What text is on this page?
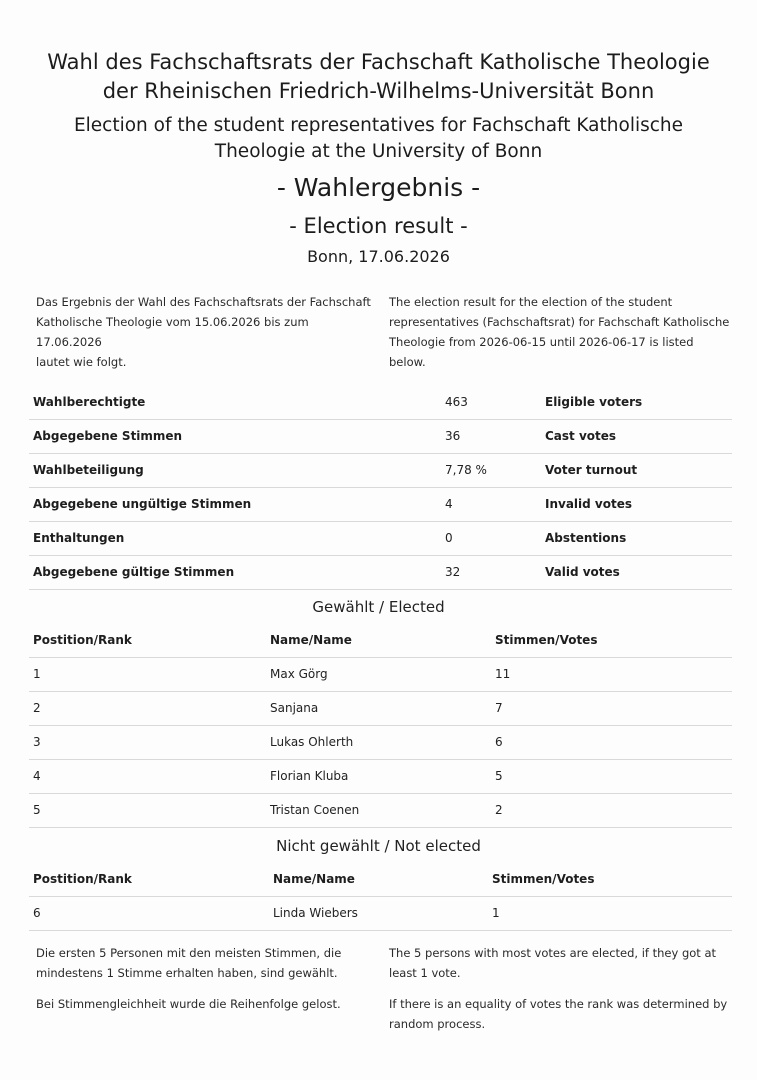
Wahl des Fachschaftsrats der Fachschaft Katholische Theologie
der Rheinischen Friedrich-Wilhelms-Universität Bonn
Election of the student representatives for Fachschaft Katholische
Theologie at the University of Bonn
- Wahlergebnis -
- Election result -
Bonn, 17.06.2026
Das Ergebnis der Wahl des Fachschaftsrats der Fachschaft
Katholische Theologie vom 15.06.2026 bis zum 17.06.2026
lautet wie folgt.
The election result for the election of the student
representatives (Fachschaftsrat) for Fachschaft Katholische
Theologie from 2026-06-15 until 2026-06-17 is listed
below.
Wahlberechtigte	463	Eligible voters
Abgegebene Stimmen	36	Cast votes
Wahlbeteiligung	7,78 %	Voter turnout
Abgegebene ungültige Stimmen	4	Invalid votes
Enthaltungen	0	Abstentions
Abgegebene gültige Stimmen	32	Valid votes
Gewählt / Elected
Postition/Rank	Name/Name	Stimmen/Votes
1	Max Görg	11
2	Sanjana	7
3	Lukas Ohlerth	6
4	Florian Kluba	5
5	Tristan Coenen	2
Nicht gewählt / Not elected
Postition/Rank	Name/Name	Stimmen/Votes
6	Linda Wiebers	1
Die ersten 5 Personen mit den meisten Stimmen, die
mindestens 1 Stimme erhalten haben, sind gewählt.
Bei Stimmengleichheit wurde die Reihenfolge gelost.
The 5 persons with most votes are elected, if they got at
least 1 vote.
If there is an equality of votes the rank was determined by
random process.
